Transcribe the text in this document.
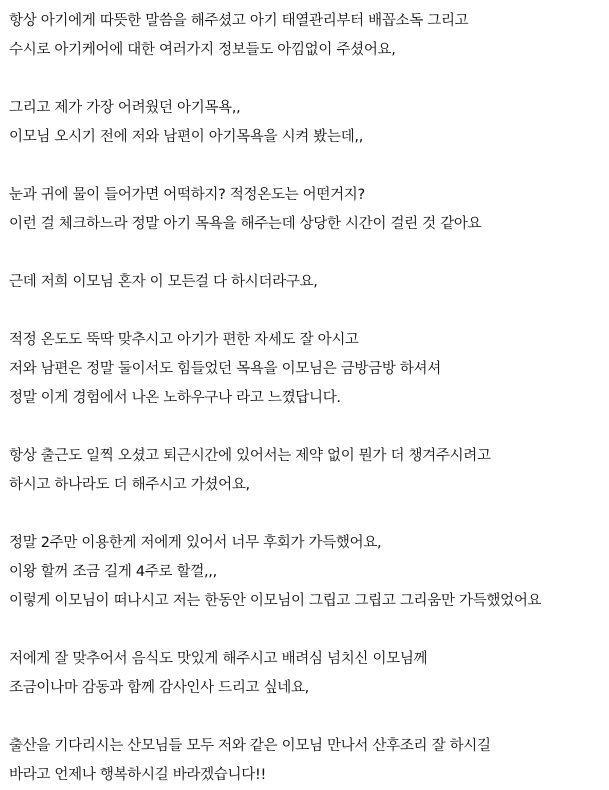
항상 아기에게 따뜻한 말씀을 해주셨고 아기 태열관리부터 배꼽소독 그리고
수시로 아기케어에 대한 여러가지 정보들도 아낌없이 주셨어요,
그리고 제가 가장 어려웠던 아기목욕,,
이모님 오시기 전에 저와 남편이 아기목욕을 시켜 봤는데,,
눈과 귀에 물이 들어가면 어떡하지? 적정온도는 어떤거지?
이런 걸 체크하느라 정말 아기 목욕을 해주는데 상당한 시간이 걸린 것 같아요
근데 저희 이모님 혼자 이 모든걸 다 하시더라구요,
적정 온도도 뚝딱 맞추시고 아기가 편한 자세도 잘 아시고
저와 남편은 정말 둘이서도 힘들었던 목욕을 이모님은 금방금방 하셔셔
정말 이게 경험에서 나온 노하우구나 라고 느꼈답니다.
항상 출근도 일찍 오셨고 퇴근시간에 있어서는 제약 없이 뭔가 더 챙겨주시려고
하시고 하나라도 더 해주시고 가셨어요,
정말 2주만 이용한게 저에게 있어서 너무 후회가 가득했어요,
이왕 할꺼 조금 길게 4주로 할껄,,,
이렇게 이모님이 떠나시고 저는 한동안 이모님이 그립고 그립고 그리움만 가득했었어요
저에게 잘 맞추어서 음식도 맛있게 해주시고 배려심 넘치신 이모님께
조금이나마 감동과 함께 감사인사 드리고 싶네요,
출산을 기다리시는 산모님들 모두 저와 같은 이모님 만나서 산후조리 잘 하시길
바라고 언제나 행복하시길 바라겠습니다!!
